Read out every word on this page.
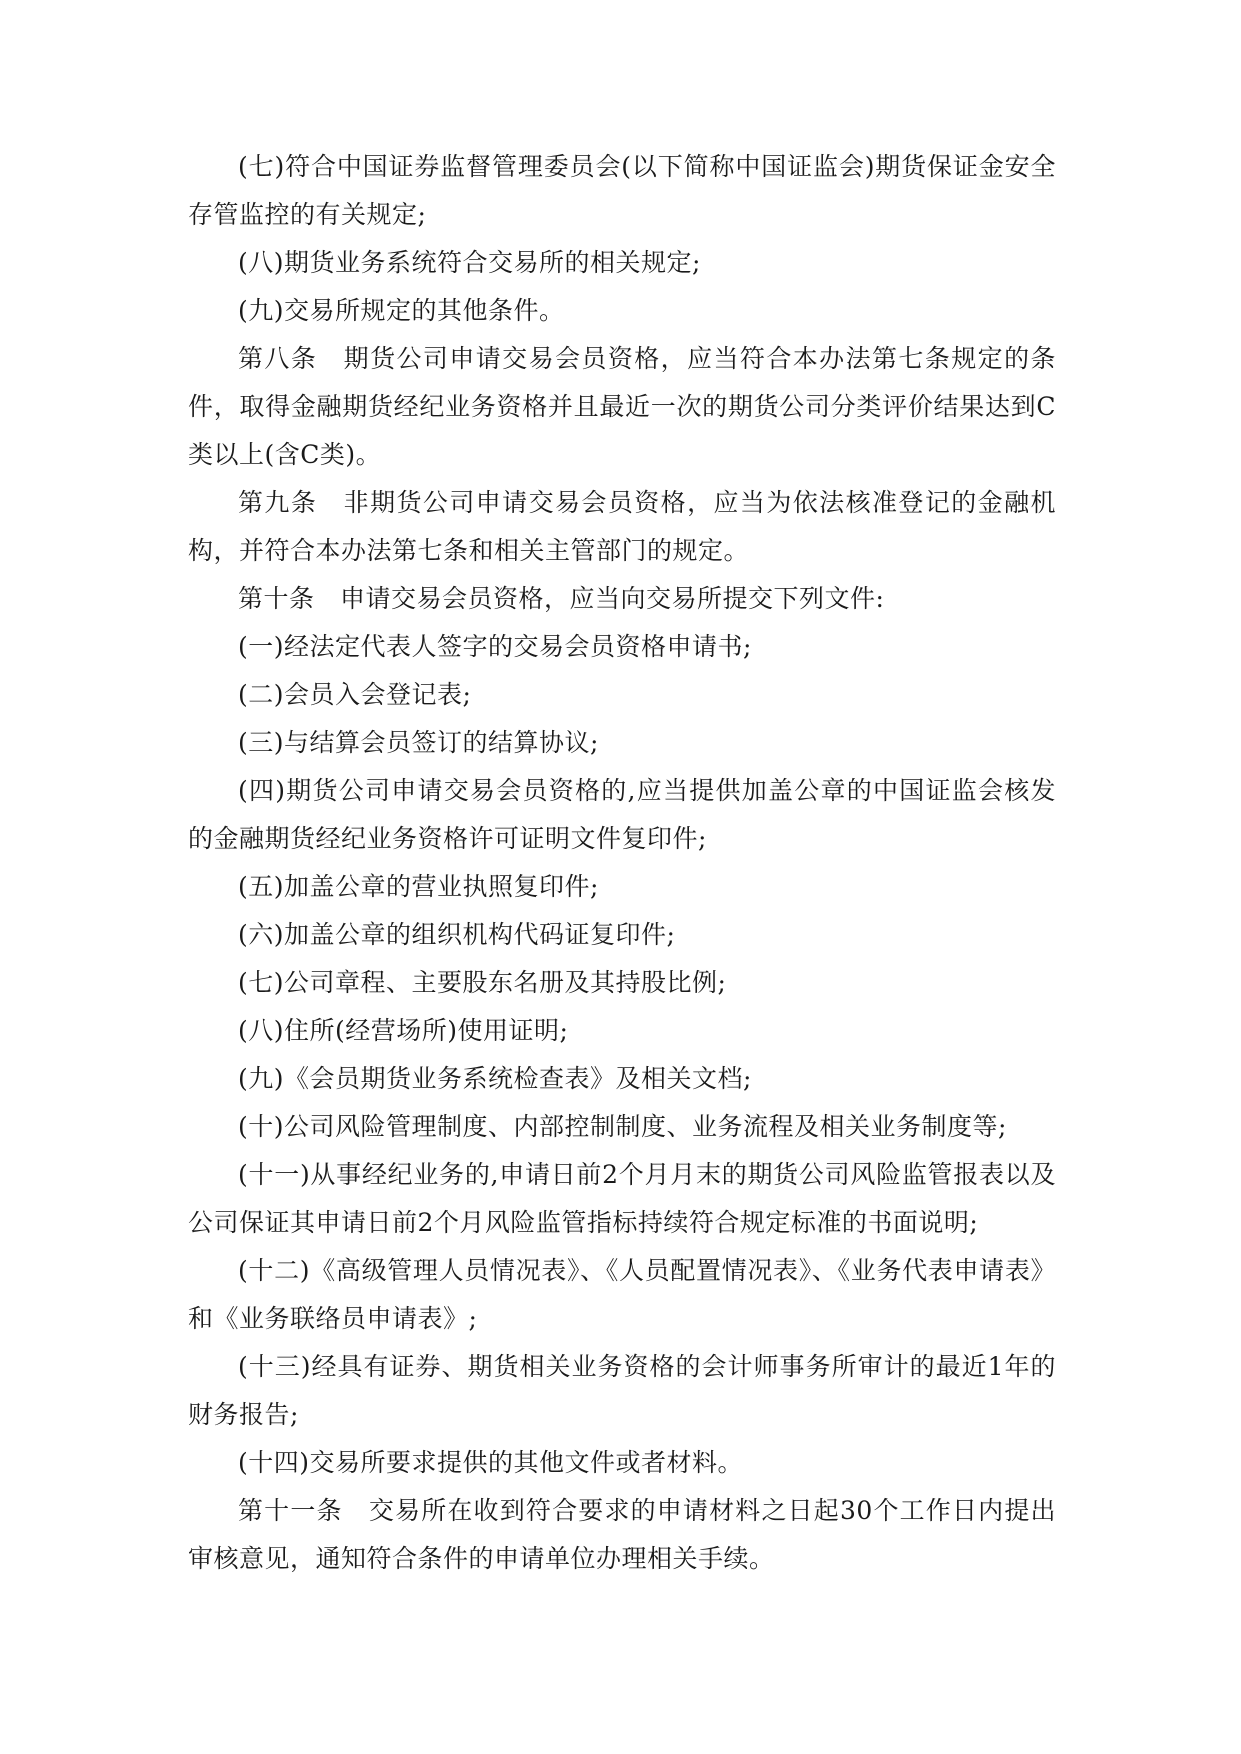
(七)符合中国证券监督管理委员会(以下简称中国证监会)期货保证金安全存管监控的有关规定;

(八)期货业务系统符合交易所的相关规定;

(九)交易所规定的其他条件。

第八条　期货公司申请交易会员资格，应当符合本办法第七条规定的条件，取得金融期货经纪业务资格并且最近一次的期货公司分类评价结果达到C类以上(含C类)。

第九条　非期货公司申请交易会员资格，应当为依法核准登记的金融机构，并符合本办法第七条和相关主管部门的规定。

第十条　申请交易会员资格，应当向交易所提交下列文件:

(一)经法定代表人签字的交易会员资格申请书;

(二)会员入会登记表;

(三)与结算会员签订的结算协议;

(四)期货公司申请交易会员资格的,应当提供加盖公章的中国证监会核发的金融期货经纪业务资格许可证明文件复印件;

(五)加盖公章的营业执照复印件;

(六)加盖公章的组织机构代码证复印件;

(七)公司章程、主要股东名册及其持股比例;

(八)住所(经营场所)使用证明;

(九)《会员期货业务系统检查表》及相关文档;

(十)公司风险管理制度、内部控制制度、业务流程及相关业务制度等;

(十一)从事经纪业务的,申请日前2个月月末的期货公司风险监管报表以及公司保证其申请日前2个月风险监管指标持续符合规定标准的书面说明;

(十二)《高级管理人员情况表》、《人员配置情况表》、《业务代表申请表》和《业务联络员申请表》;

(十三)经具有证券、期货相关业务资格的会计师事务所审计的最近1年的财务报告;

(十四)交易所要求提供的其他文件或者材料。

第十一条　交易所在收到符合要求的申请材料之日起30个工作日内提出审核意见，通知符合条件的申请单位办理相关手续。
